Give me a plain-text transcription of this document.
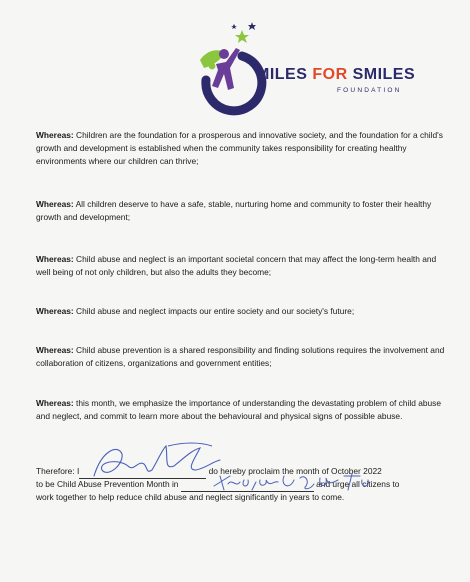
MILES FOR SMILES
FOUNDATION

Whereas: Children are the foundation for a prosperous and innovative society, and the foundation for a child's growth and development is established when the community takes responsibility for creating healthy environments where our children can thrive;

Whereas: All children deserve to have a safe, stable, nurturing home and community to foster their healthy growth and development;

Whereas: Child abuse and neglect is an important societal concern that may affect the long-term health and well being of not only children, but also the adults they become;

Whereas: Child abuse and neglect impacts our entire society and our society's future;

Whereas: Child abuse prevention is a shared responsibility and finding solutions requires the involvement and collaboration of citizens, organizations and government entities;

Whereas: this month, we emphasize the importance of understanding the devastating problem of child abuse and neglect, and commit to learn more about the behavioural and physical signs of possible abuse.

Therefore: I	do hereby proclaim the month of October 2022
to be Child Abuse Prevention Month in	and urge all citizens to
work together to help reduce child abuse and neglect significantly in years to come.
